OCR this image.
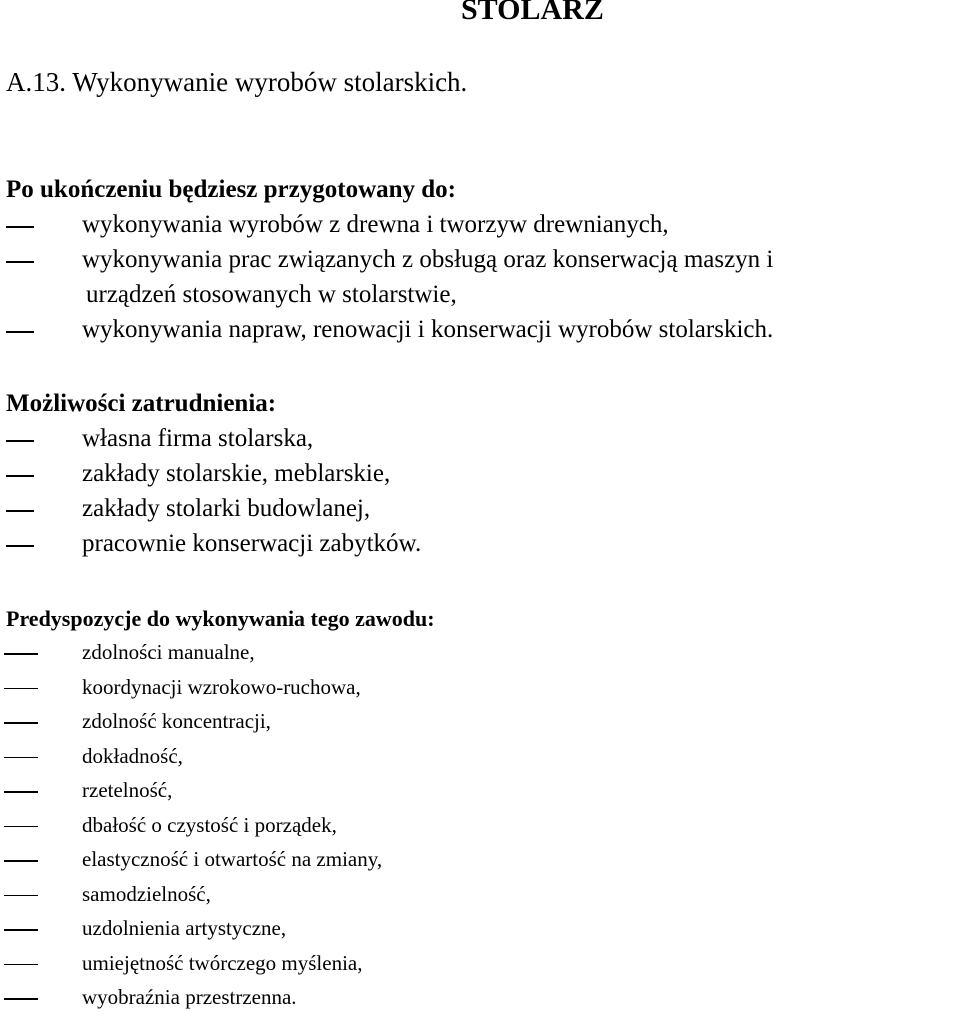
STOLARZ
A.13. Wykonywanie wyrobów stolarskich.
Po ukończeniu będziesz przygotowany do:
wykonywania wyrobów z drewna i tworzyw drewnianych,
wykonywania prac związanych z obsługą oraz konserwacją maszyn i
urządzeń stosowanych w stolarstwie,
wykonywania napraw, renowacji i konserwacji wyrobów stolarskich.
Możliwości zatrudnienia:
własna firma stolarska,
zakłady stolarskie, meblarskie,
zakłady stolarki budowlanej,
pracownie konserwacji zabytków.
Predyspozycje do wykonywania tego zawodu:
zdolności manualne,
koordynacji wzrokowo-ruchowa,
zdolność koncentracji,
dokładność,
rzetelność,
dbałość o czystość i porządek,
elastyczność i otwartość na zmiany,
samodzielność,
uzdolnienia artystyczne,
umiejętność twórczego myślenia,
wyobraźnia przestrzenna.
